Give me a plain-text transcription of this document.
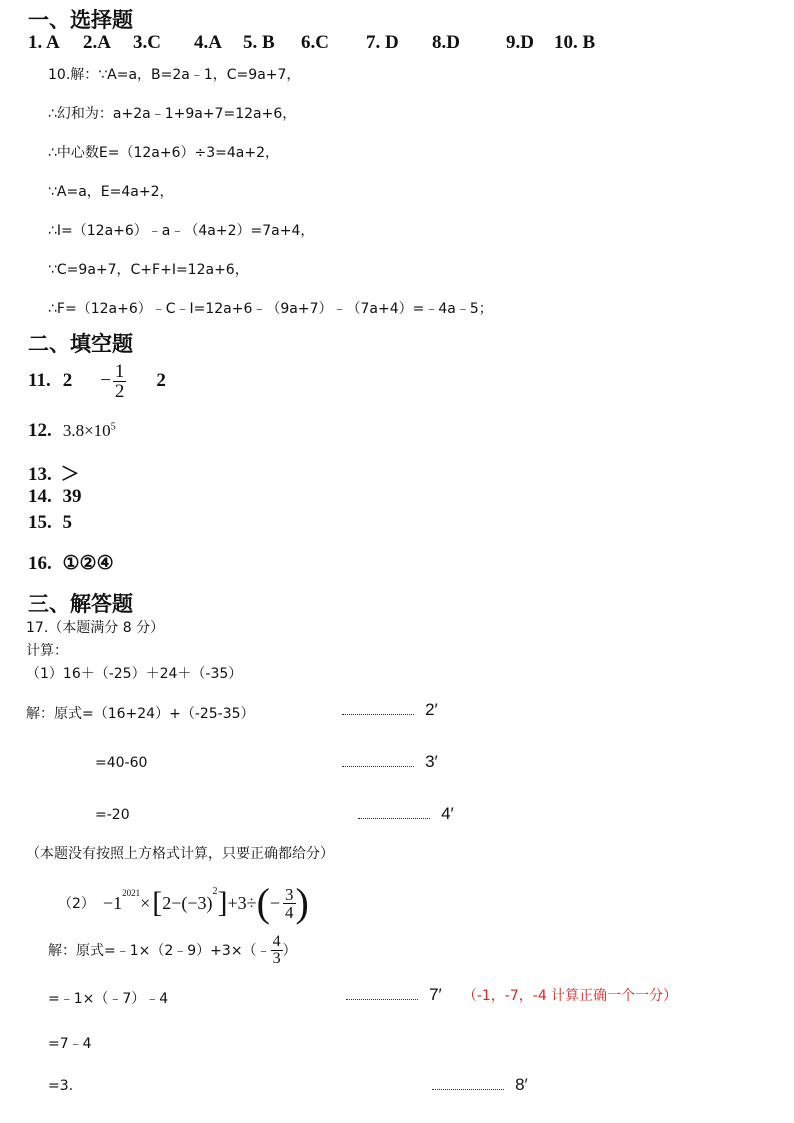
一、选择题
1. A 2.A 3.C 4.A 5. B 6.C 7. D 8.D 9.D 10. B
10.解：∵A=a，B=2a﹣1，C=9a+7，
∴幻和为：a+2a﹣1+9a+7=12a+6，
∴中心数E=（12a+6）÷3=4a+2，
∵A=a，E=4a+2，
∴I=（12a+6）﹣a﹣（4a+2）=7a+4，
∵C=9a+7，C+F+I=12a+6，
∴F=（12a+6）﹣C﹣I=12a+6﹣（9a+7）﹣（7a+4）=﹣4a﹣5；
二、填空题
11. $2 - \frac{1}{2} 2$
12. $3.8\times 10^5$
13. ＞
14. 39
15. 5
16. ①②④
三、解答题
17.（本题满分 8 分）
计算：
（1）16＋（-25）＋24＋（-35）
解：原式=（16+24）+（-25-35）	2′
=40-60	3′
=-20	4′
（本题没有按照上方格式计算，只要正确都给分）
$(2) -1^{2021}$ × [ 2−(−3)
$^2$ ] +3÷ ( − $\frac{3}{4}$ )
解：原式=﹣1×（2﹣9）+3×（﹣ $\frac{4}{3}$ ）
=﹣1×（﹣7）﹣4	7′ （-1，-7，-4 计算正确一个一分）
=7﹣4
=3.	8′
